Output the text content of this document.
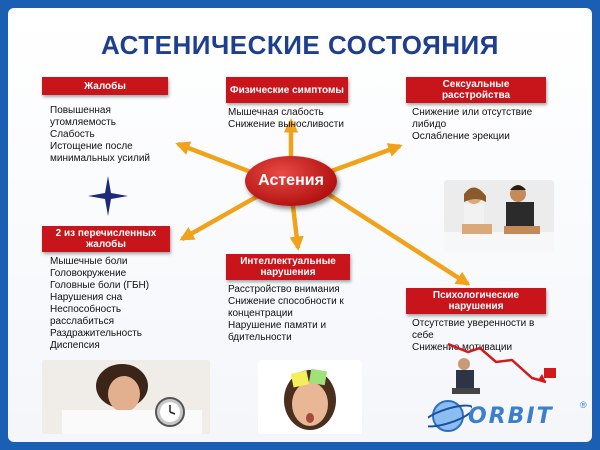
АСТЕНИЧЕСКИЕ СОСТОЯНИЯ
Астения
Жалобы
Повышенная
утомляемость
Слабость
Истощение после
минимальных усилий
Физические симптомы
Мышечная слабость
Снижение выносливости
Сексуальные расстройства
Снижение или отсутствие
либидо
Ослабление эрекции
2 из перечисленных жалобы
Мышечные боли
Головокружение
Головные боли (ГБН)
Нарушения сна
Неспособность
расслабиться
Раздражительность
Диспепсия
Интеллектуальные нарушения
Расстройство внимания
Снижение способности к
концентрации
Нарушение памяти и
бдительности
Психологические нарушения
Отсутствие уверенности в
себе
Снижение мотивации
ORBIT	®
